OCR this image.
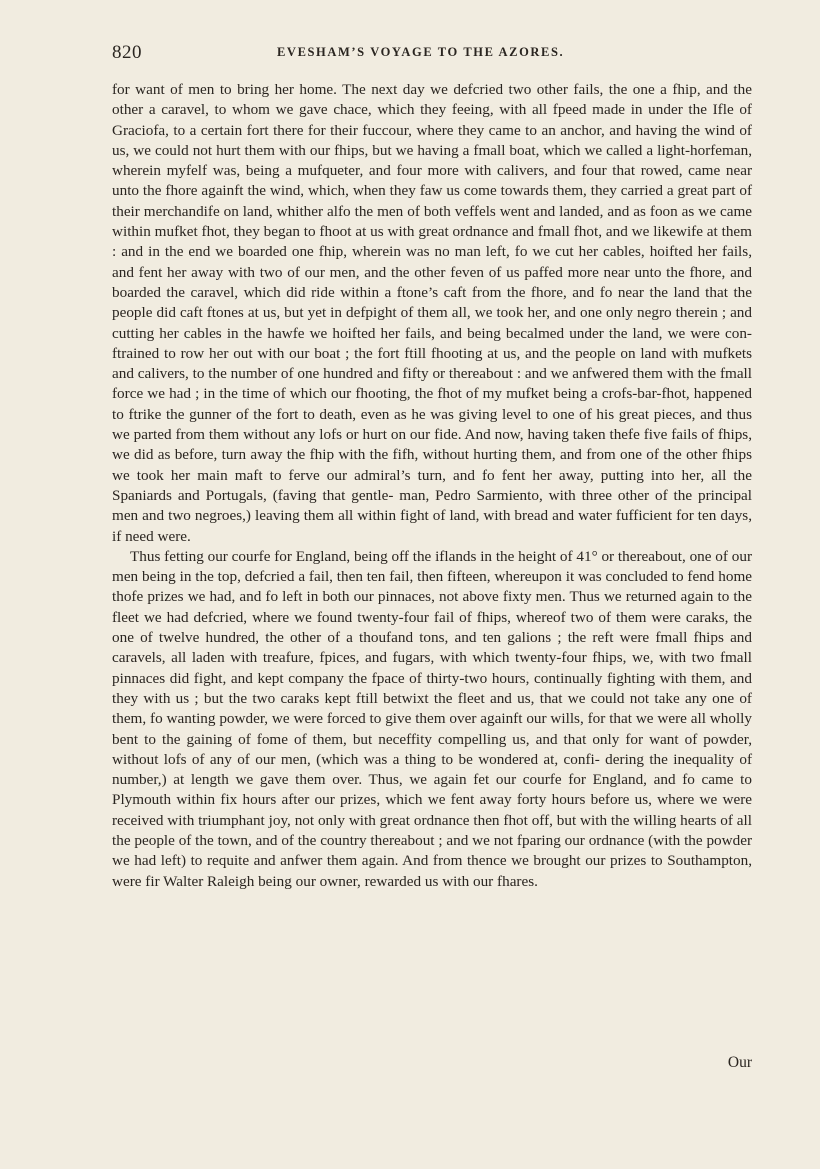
820	EVESHAM’S VOYAGE TO THE AZORES.

for want of men to bring her home. The next day we defcried two other fails, the one a fhip, and the other a caravel, to whom we gave chace, which they feeing, with all fpeed made in under the Ifle of Graciofa, to a certain fort there for their fuccour, where they came to an anchor, and having the wind of us, we could not hurt them with our fhips, but we having a fmall boat, which we called a light-horfeman, wherein myfelf was, being a mufqueter, and four more with calivers, and four that rowed, came near unto the fhore againft the wind, which, when they faw us come towards them, they carried a great part of their merchandife on land, whither alfo the men of both veffels went and landed, and as foon as we came within mufket fhot, they began to fhoot at us with great ordnance and fmall fhot, and we likewife at them : and in the end we boarded one fhip, wherein was no man left, fo we cut her cables, hoifted her fails, and fent her away with two of our men, and the other feven of us paffed more near unto the fhore, and boarded the caravel, which did ride within a ftone’s caft from the fhore, and fo near the land that the people did caft ftones at us, but yet in defpight of them all, we took her, and one only negro therein ; and cutting her cables in the hawfe we hoifted her fails, and being becalmed under the land, we were con- ftrained to row her out with our boat ; the fort ftill fhooting at us, and the people on land with mufkets and calivers, to the number of one hundred and fifty or thereabout : and we anfwered them with the fmall force we had ; in the time of which our fhooting, the fhot of my mufket being a crofs-bar-fhot, happened to ftrike the gunner of the fort to death, even as he was giving level to one of his great pieces, and thus we parted from them without any lofs or hurt on our fide. And now, having taken thefe five fails of fhips, we did as before, turn away the fhip with the fifh, without hurting them, and from one of the other fhips we took her main maft to ferve our admiral’s turn, and fo fent her away, putting into her, all the Spaniards and Portugals, (faving that gentle- man, Pedro Sarmiento, with three other of the principal men and two negroes,) leaving them all within fight of land, with bread and water fufficient for ten days, if need were.

Thus fetting our courfe for England, being off the iflands in the height of 41° or thereabout, one of our men being in the top, defcried a fail, then ten fail, then fifteen, whereupon it was concluded to fend home thofe prizes we had, and fo left in both our pinnaces, not above fixty men. Thus we returned again to the fleet we had defcried, where we found twenty-four fail of fhips, whereof two of them were caraks, the one of twelve hundred, the other of a thoufand tons, and ten galions ; the reft were fmall fhips and caravels, all laden with treafure, fpices, and fugars, with which twenty-four fhips, we, with two fmall pinnaces did fight, and kept company the fpace of thirty-two hours, continually fighting with them, and they with us ; but the two caraks kept ftill betwixt the fleet and us, that we could not take any one of them, fo wanting powder, we were forced to give them over againft our wills, for that we were all wholly bent to the gaining of fome of them, but neceffity compelling us, and that only for want of powder, without lofs of any of our men, (which was a thing to be wondered at, confi- dering the inequality of number,) at length we gave them over. Thus, we again fet our courfe for England, and fo came to Plymouth within fix hours after our prizes, which we fent away forty hours before us, where we were received with triumphant joy, not only with great ordnance then fhot off, but with the willing hearts of all the people of the town, and of the country thereabout ; and we not fparing our ordnance (with the powder we had left) to requite and anfwer them again. And from thence we brought our prizes to Southampton, were fir Walter Raleigh being our owner, rewarded us with our fhares.

Our
